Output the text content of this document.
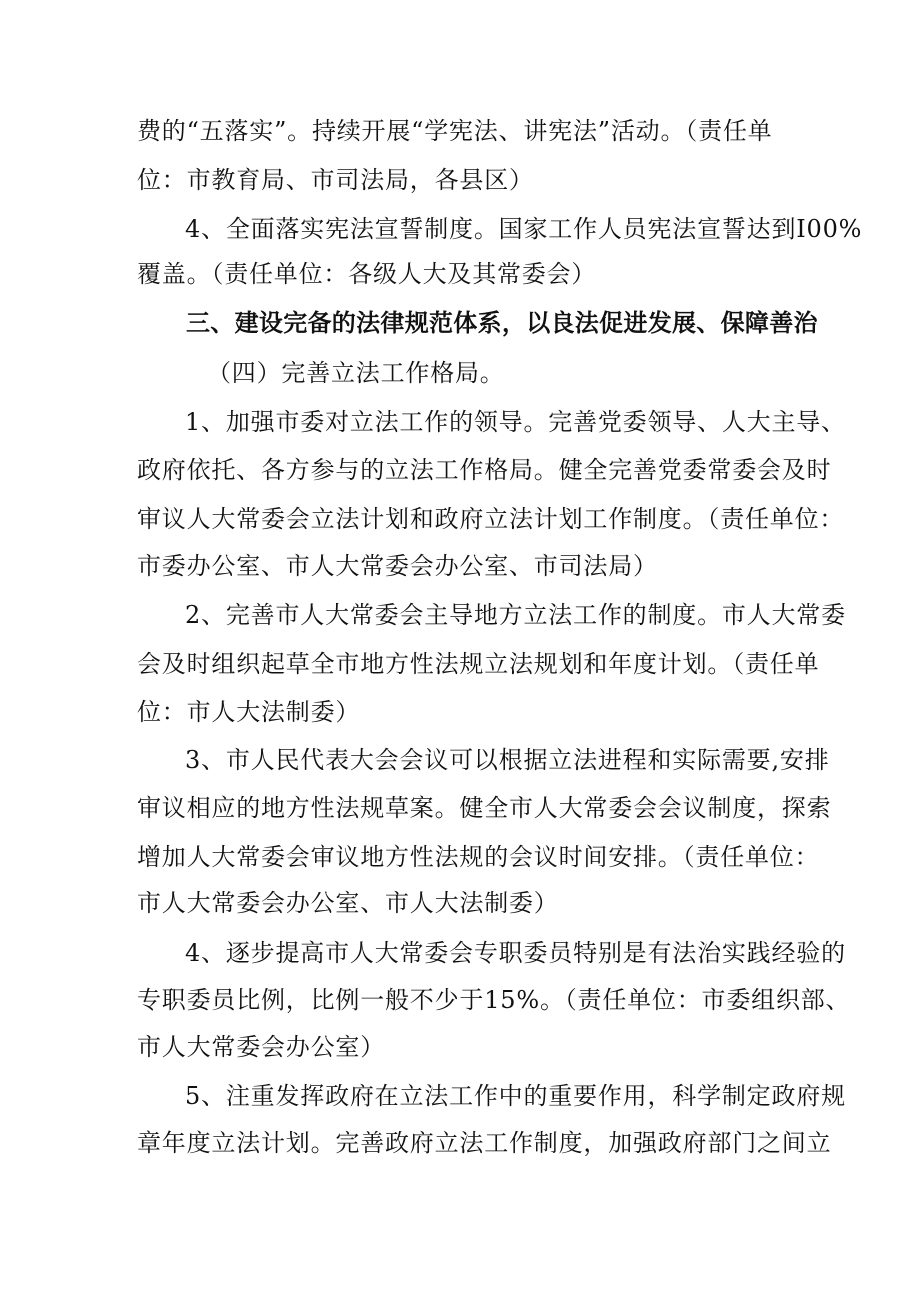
费的“五落实”。持续开展“学宪法、讲宪法”活动。（责任单
位：市教育局、市司法局，各县区）
4、全面落实宪法宣誓制度。国家工作人员宪法宣誓达到I00%
覆盖。（责任单位：各级人大及其常委会）
三、建设完备的法律规范体系，以良法促进发展、保障善治
（四）完善立法工作格局。
1、加强市委对立法工作的领导。完善党委领导、人大主导、
政府依托、各方参与的立法工作格局。健全完善党委常委会及时
审议人大常委会立法计划和政府立法计划工作制度。（责任单位：
市委办公室、市人大常委会办公室、市司法局）
2、完善市人大常委会主导地方立法工作的制度。市人大常委
会及时组织起草全市地方性法规立法规划和年度计划。（责任单
位：市人大法制委）
3、市人民代表大会会议可以根据立法进程和实际需要,安排
审议相应的地方性法规草案。健全市人大常委会会议制度，探索
增加人大常委会审议地方性法规的会议时间安排。（责任单位：
市人大常委会办公室、市人大法制委）
4、逐步提高市人大常委会专职委员特别是有法治实践经验的
专职委员比例，比例一般不少于15%。（责任单位：市委组织部、
市人大常委会办公室）
5、注重发挥政府在立法工作中的重要作用，科学制定政府规
章年度立法计划。完善政府立法工作制度，加强政府部门之间立
